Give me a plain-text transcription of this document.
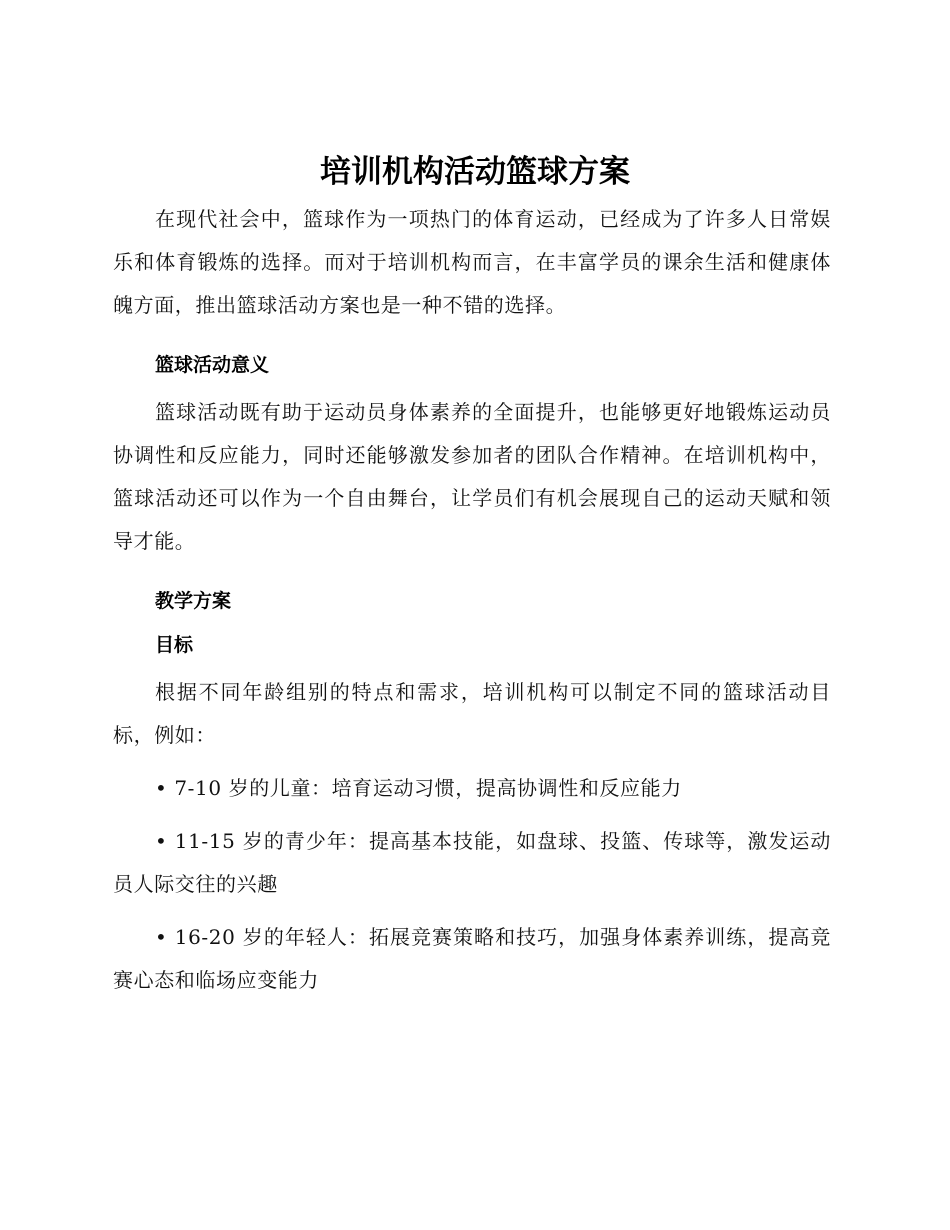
培训机构活动篮球方案

在现代社会中，篮球作为一项热门的体育运动，已经成为了许多人日常娱乐和体育锻炼的选择。而对于培训机构而言，在丰富学员的课余生活和健康体魄方面，推出篮球活动方案也是一种不错的选择。

篮球活动意义

篮球活动既有助于运动员身体素养的全面提升，也能够更好地锻炼运动员协调性和反应能力，同时还能够激发参加者的团队合作精神。在培训机构中，篮球活动还可以作为一个自由舞台，让学员们有机会展现自己的运动天赋和领导才能。

教学方案
目标

根据不同年龄组别的特点和需求，培训机构可以制定不同的篮球活动目标，例如：

• 7-10 岁的儿童：培育运动习惯，提高协调性和反应能力

• 11-15 岁的青少年：提高基本技能，如盘球、投篮、传球等，激发运动员人际交往的兴趣

• 16-20 岁的年轻人：拓展竞赛策略和技巧，加强身体素养训练，提高竞赛心态和临场应变能力
